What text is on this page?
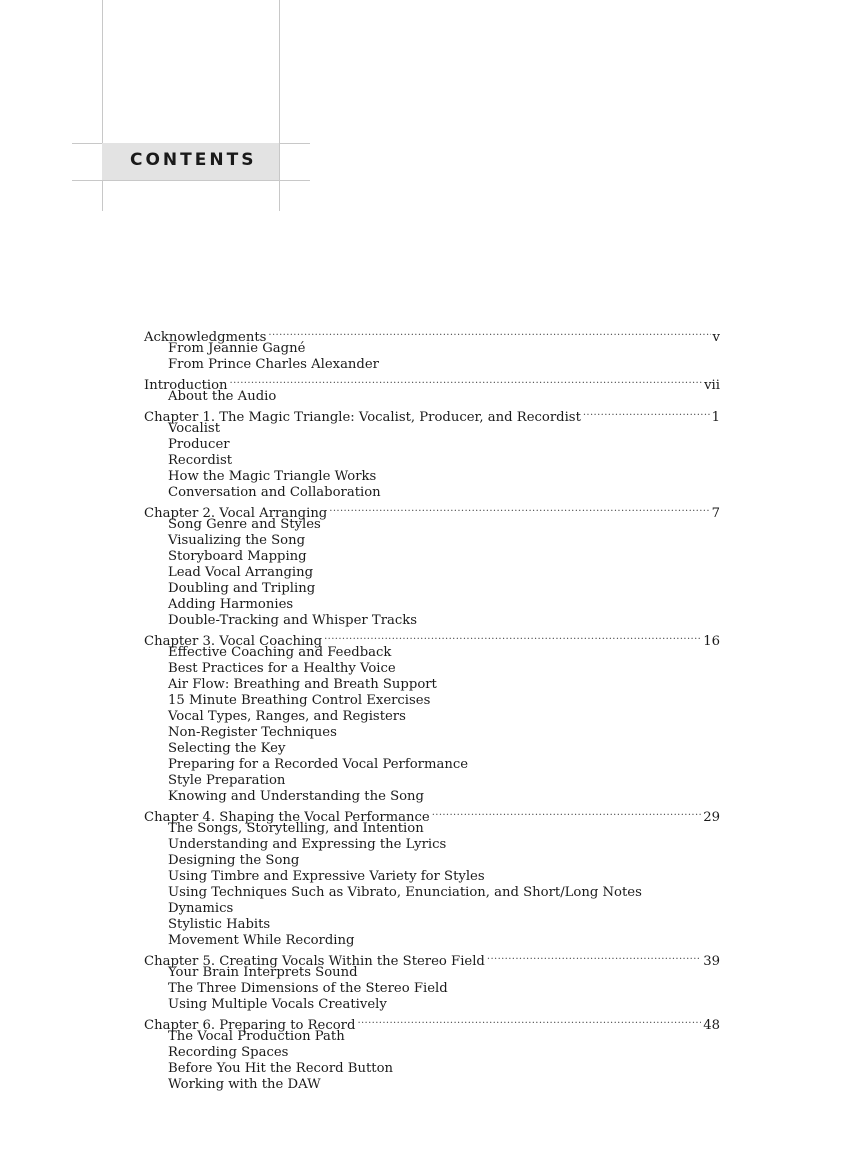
CONTENTS
Acknowledgments . . .	v
From Jeannie Gagné
From Prince Charles Alexander
Introduction . . .	vii
About the Audio
Chapter 1. The Magic Triangle: Vocalist, Producer, and Recordist . . .	1
Vocalist
Producer
Recordist
How the Magic Triangle Works
Conversation and Collaboration
Chapter 2. Vocal Arranging . . .	7
Song Genre and Styles
Visualizing the Song
Storyboard Mapping
Lead Vocal Arranging
Doubling and Tripling
Adding Harmonies
Double-Tracking and Whisper Tracks
Chapter 3. Vocal Coaching . . .	16
Effective Coaching and Feedback
Best Practices for a Healthy Voice
Air Flow: Breathing and Breath Support
15 Minute Breathing Control Exercises
Vocal Types, Ranges, and Registers
Non-Register Techniques
Selecting the Key
Preparing for a Recorded Vocal Performance
Style Preparation
Knowing and Understanding the Song
Chapter 4. Shaping the Vocal Performance . . .	29
The Songs, Storytelling, and Intention
Understanding and Expressing the Lyrics
Designing the Song
Using Timbre and Expressive Variety for Styles
Using Techniques Such as Vibrato, Enunciation, and Short/Long Notes
Dynamics
Stylistic Habits
Movement While Recording
Chapter 5. Creating Vocals Within the Stereo Field . . .	39
Your Brain Interprets Sound
The Three Dimensions of the Stereo Field
Using Multiple Vocals Creatively
Chapter 6. Preparing to Record . . .	48
The Vocal Production Path
Recording Spaces
Before You Hit the Record Button
Working with the DAW
